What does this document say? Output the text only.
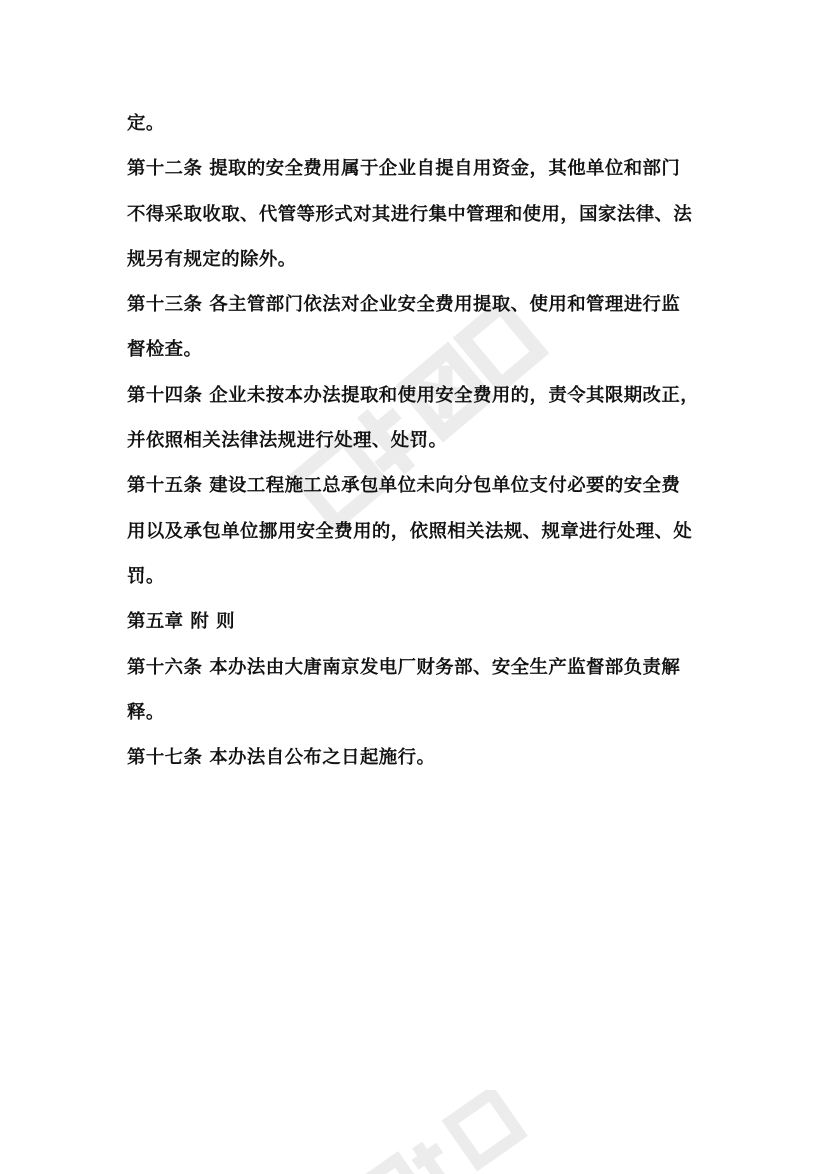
定。
第十二条 提取的安全费用属于企业自提自用资金，其他单位和部门
不得采取收取、代管等形式对其进行集中管理和使用，国家法律、法
规另有规定的除外。
第十三条 各主管部门依法对企业安全费用提取、使用和管理进行监
督检查。
第十四条 企业未按本办法提取和使用安全费用的，责令其限期改正，
并依照相关法律法规进行处理、处罚。
第十五条 建设工程施工总承包单位未向分包单位支付必要的安全费
用以及承包单位挪用安全费用的，依照相关法规、规章进行处理、处
罚。
第五章 附 则
第十六条 本办法由大唐南京发电厂财务部、安全生产监督部负责解
释。
第十七条 本办法自公布之日起施行。
